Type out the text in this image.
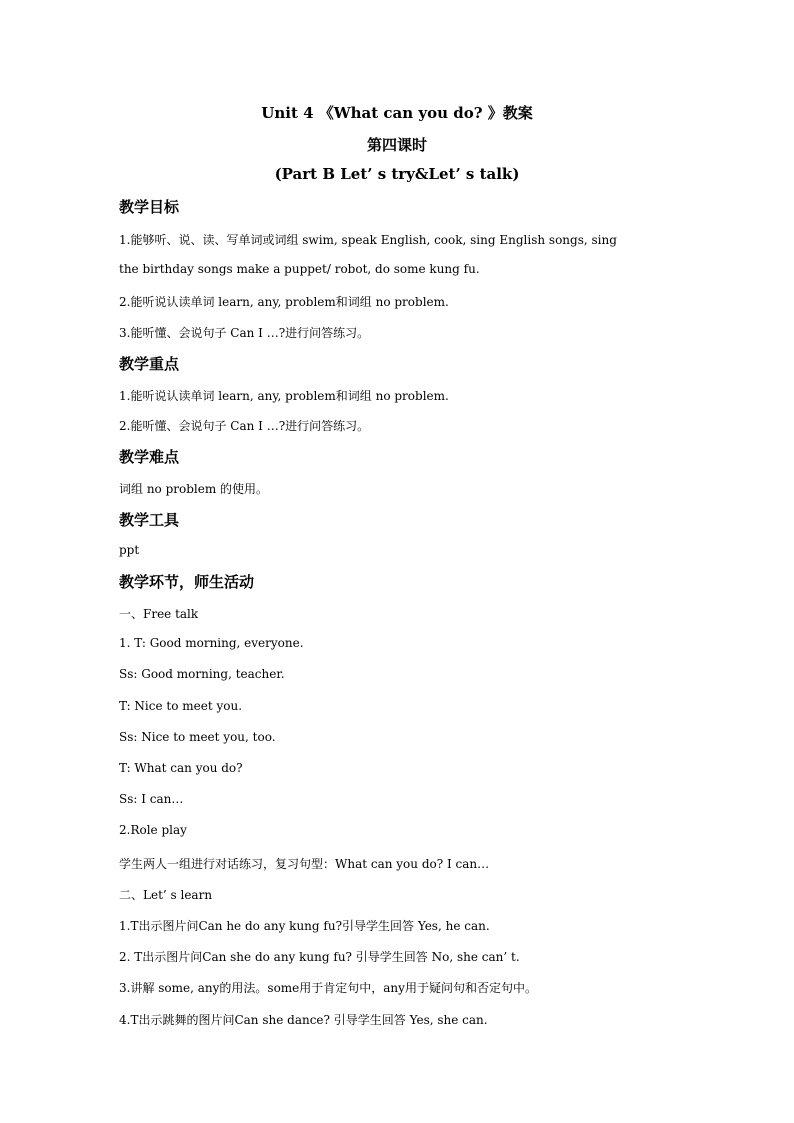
Unit 4 《What can you do? 》教案
第四课时
(Part B Let’ s try&Let’ s talk)
教学目标
1.能够听、说、读、写单词或词组 swim, speak English, cook, sing English songs, sing
the birthday songs make a puppet/ robot, do some kung fu.
2.能听说认读单词 learn, any, problem和词组 no problem.
3.能听懂、会说句子 Can I …?进行问答练习。
教学重点
1.能听说认读单词 learn, any, problem和词组 no problem.
2.能听懂、会说句子 Can I …?进行问答练习。
教学难点
词组 no problem 的使用。
教学工具
ppt
教学环节，师生活动
一、Free talk
1. T: Good morning, everyone.
Ss: Good morning, teacher.
T: Nice to meet you.
Ss: Nice to meet you, too.
T: What can you do?
Ss: I can…
2.Role play
学生两人一组进行对话练习，复习句型：What can you do? I can…
二、Let’ s learn
1.T出示图片问Can he do any kung fu?引导学生回答 Yes, he can.
2. T出示图片问Can she do any kung fu? 引导学生回答 No, she can’ t.
3.讲解 some, any的用法。some用于肯定句中，any用于疑问句和否定句中。
4.T出示跳舞的图片问Can she dance? 引导学生回答 Yes, she can.
